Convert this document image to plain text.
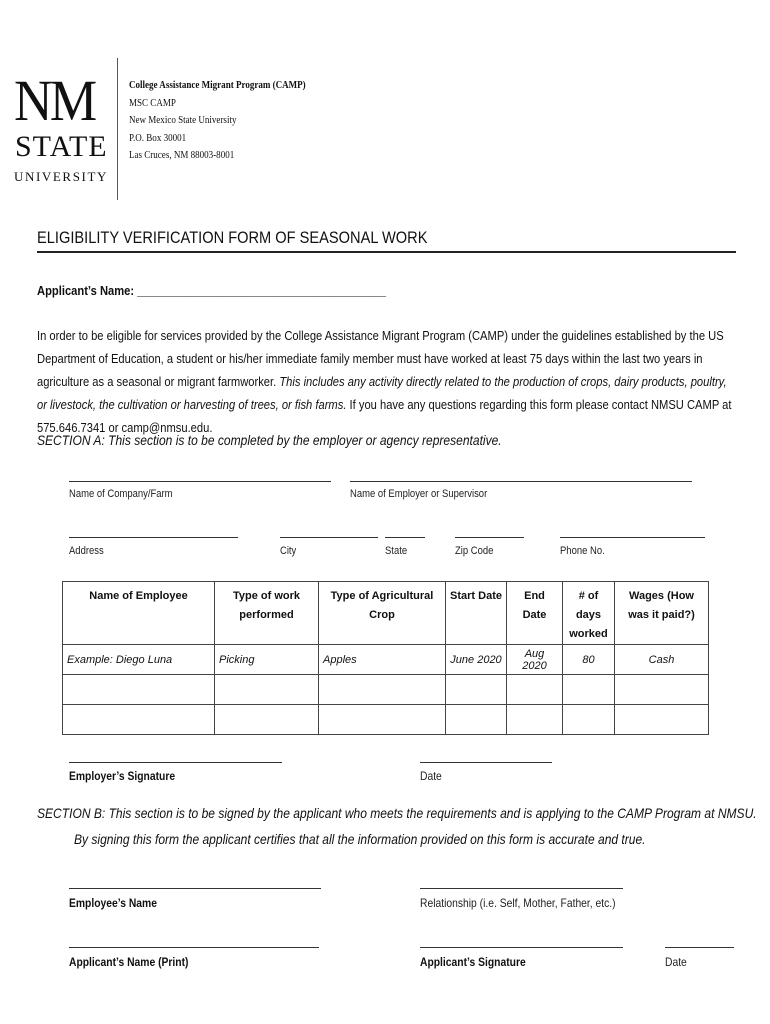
NM
STATE
UNIVERSITY
College Assistance Migrant Program (CAMP)
MSC CAMP
New Mexico State University
P.O. Box 30001
Las Cruces, NM 88003-8001
ELIGIBILITY VERIFICATION FORM OF SEASONAL WORK
Applicant’s Name: ________________________________________
In order to be eligible for services provided by the College Assistance Migrant Program (CAMP) under the guidelines established by the US Department of Education, a student or his/her immediate family member must have worked at least 75 days within the last two years in agriculture as a seasonal or migrant farmworker. This includes any activity directly related to the production of crops, dairy products, poultry, or livestock, the cultivation or harvesting of trees, or fish farms. If you have any questions regarding this form please contact NMSU CAMP at 575.646.7341 or camp@nmsu.edu.
SECTION A: This section is to be completed by the employer or agency representative.
Name of Company/Farm	Name of Employer or Supervisor
Address	City	State	Zip Code	Phone No.
Name of Employee	Type of work performed	Type of Agricultural Crop	Start Date	End Date	# of days worked	Wages (How was it paid?)
Example: Diego Luna	Picking	Apples	June 2020	Aug 2020	80	Cash

Employer’s Signature	Date
SECTION B: This section is to be signed by the applicant who meets the requirements and is applying to the CAMP Program at NMSU.
By signing this form the applicant certifies that all the information provided on this form is accurate and true.
Employee’s Name	Relationship (i.e. Self, Mother, Father, etc.)
Applicant’s Name (Print)	Applicant’s Signature	Date
